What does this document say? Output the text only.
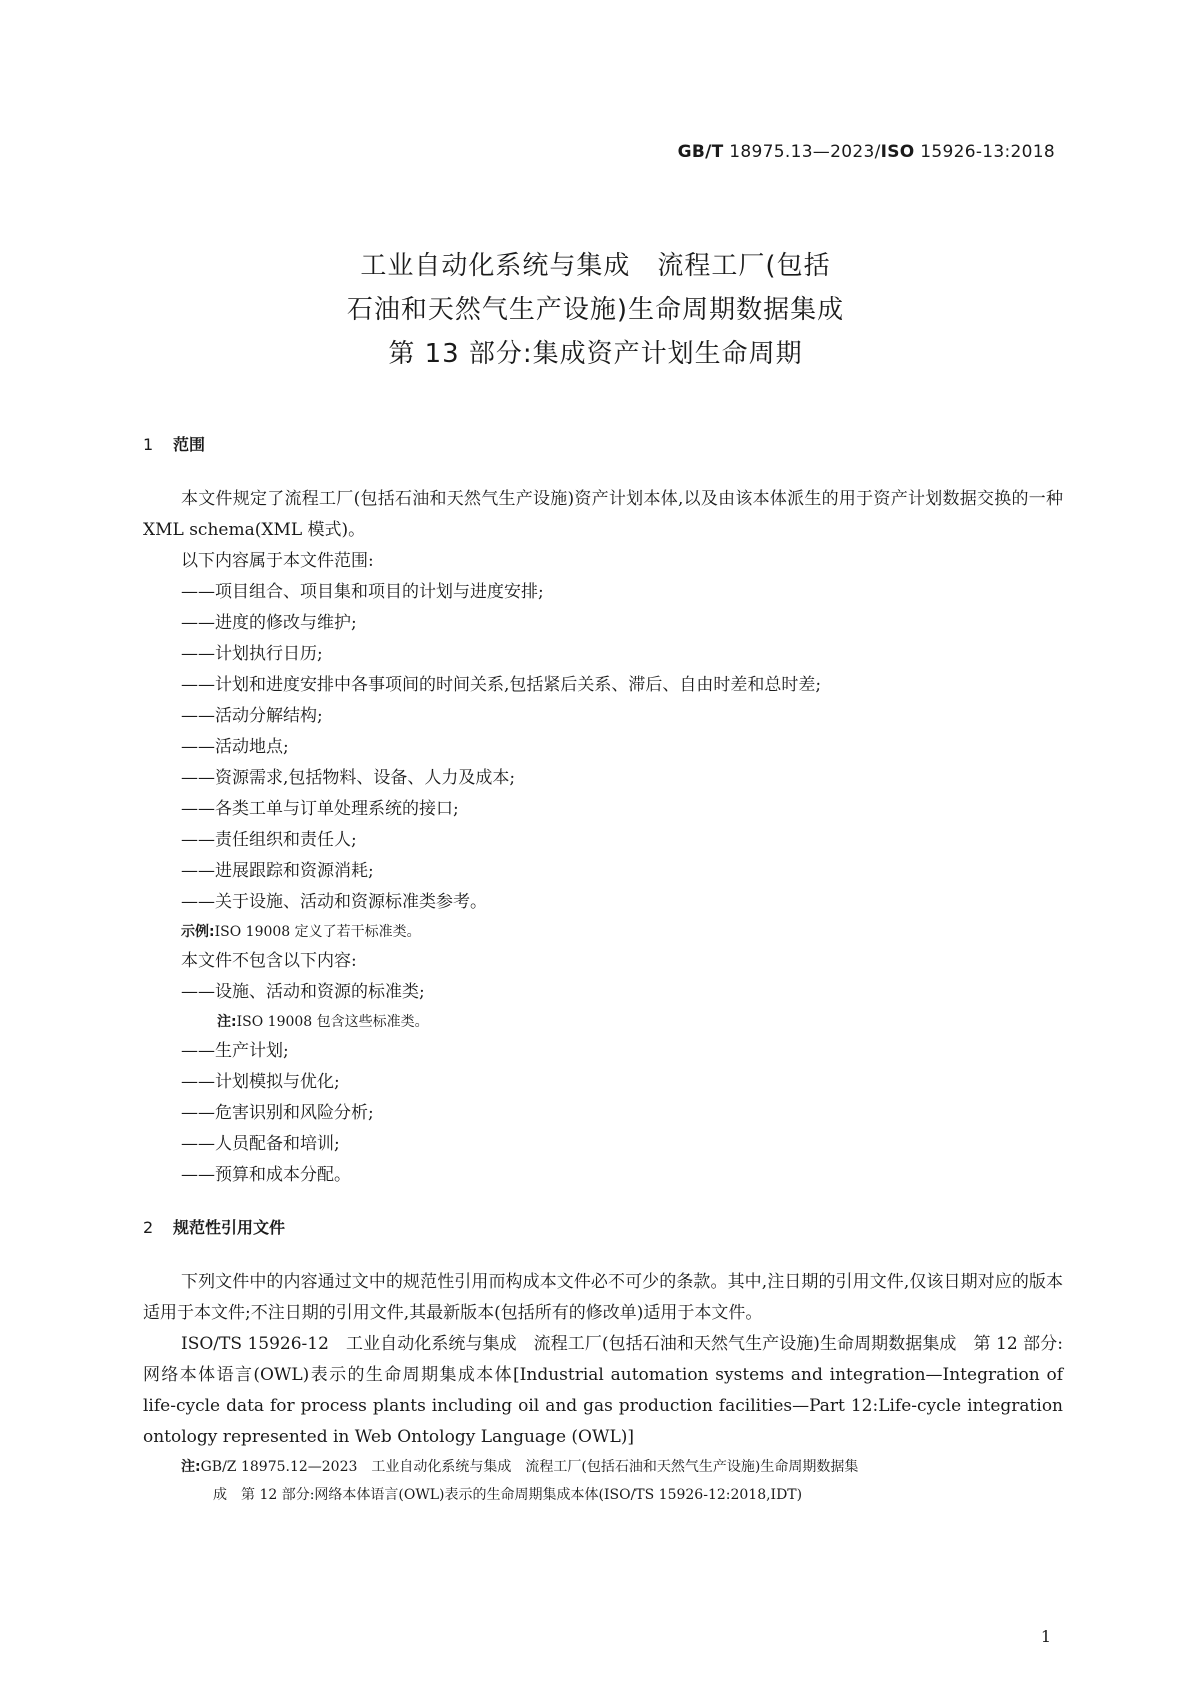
GB/T 18975.13—2023/ISO 15926-13:2018
工业自动化系统与集成　流程工厂(包括
石油和天然气生产设施)生命周期数据集成
第 13 部分:集成资产计划生命周期
1 范围

本文件规定了流程工厂(包括石油和天然气生产设施)资产计划本体,以及由该本体派生的用于资产计划数据交换的一种 XML schema(XML 模式)。

以下内容属于本文件范围:
——项目组合、项目集和项目的计划与进度安排;
——进度的修改与维护;
——计划执行日历;
——计划和进度安排中各事项间的时间关系,包括紧后关系、滞后、自由时差和总时差;
——活动分解结构;
——活动地点;
——资源需求,包括物料、设备、人力及成本;
——各类工单与订单处理系统的接口;
——责任组织和责任人;
——进展跟踪和资源消耗;
——关于设施、活动和资源标准类参考。
示例:ISO 19008 定义了若干标准类。
本文件不包含以下内容:
——设施、活动和资源的标准类;
注:ISO 19008 包含这些标准类。
——生产计划;
——计划模拟与优化;
——危害识别和风险分析;
——人员配备和培训;
——预算和成本分配。
2 规范性引用文件

下列文件中的内容通过文中的规范性引用而构成本文件必不可少的条款。其中,注日期的引用文件,仅该日期对应的版本适用于本文件;不注日期的引用文件,其最新版本(包括所有的修改单)适用于本文件。

ISO/TS 15926-12　工业自动化系统与集成　流程工厂(包括石油和天然气生产设施)生命周期数据集成　第 12 部分:网络本体语言(OWL)表示的生命周期集成本体[Industrial automation systems and integration—Integration of life-cycle data for process plants including oil and gas production facilities—Part 12:Life-cycle integration ontology represented in Web Ontology Language (OWL)]

注:GB/Z 18975.12—2023　工业自动化系统与集成　流程工厂(包括石油和天然气生产设施)生命周期数据集
成　第 12 部分:网络本体语言(OWL)表示的生命周期集成本体(ISO/TS 15926-12:2018,IDT)
1
